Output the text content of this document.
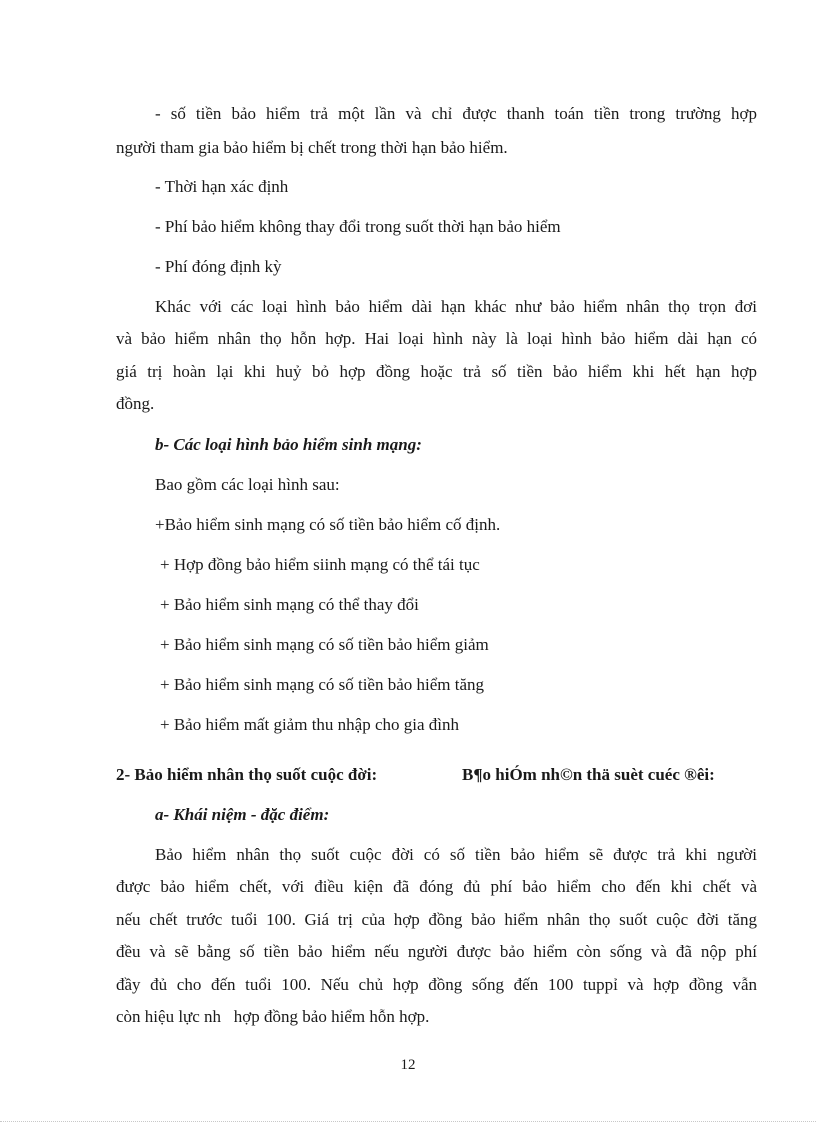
- số tiền bảo hiểm trả một lần và chỉ được thanh toán tiền trong trường hợp
người tham gia bảo hiểm bị chết trong thời hạn bảo hiểm.
- Thời hạn xác định
- Phí bảo hiểm không thay đổi trong suốt thời hạn bảo hiểm
- Phí đóng định kỳ
Khác với các loại hình bảo hiểm dài hạn khác như bảo hiểm nhân thọ trọn đơi
và bảo hiểm nhân thọ hỗn hợp. Hai loại hình này là loại hình bảo hiểm dài hạn có
giá trị hoàn lại khi huỷ bỏ hợp đồng hoặc trả số tiền bảo hiểm khi hết hạn hợp
đồng.
b- Các loại hình bảo hiểm sinh mạng:
Bao gồm các loại hình sau:
+Bảo hiểm sinh mạng có số tiền bảo hiểm cố định.
+ Hợp đồng bảo hiểm siinh mạng có thể tái tục
+ Bảo hiểm sinh mạng có thể thay đổi
+ Bảo hiểm sinh mạng có số tiền bảo hiểm giảm
+ Bảo hiểm sinh mạng có số tiền bảo hiểm tăng
+ Bảo hiểm mất giảm thu nhập cho gia đình
2- Bảo hiểm nhân thọ suốt cuộc đời:	B¶o hiÓm nh©n thä suèt cuéc ®êi:
a- Khái niệm - đặc điểm:
Bảo hiểm nhân thọ suốt cuộc đời có số tiền bảo hiểm sẽ được trả khi người
được bảo hiểm chết, với điều kiện đã đóng đủ phí bảo hiểm cho đến khi chết và
nếu chết trước tuổi 100. Giá trị của hợp đồng bảo hiểm nhân thọ suốt cuộc đời tăng
đều và sẽ bằng số tiền bảo hiểm nếu người được bảo hiểm còn sống và đã nộp phí
đầy đủ cho đến tuổi 100. Nếu chủ hợp đồng sống đến 100 tuppỉ và hợp đồng vẫn
còn hiệu lực nh   hợp đồng bảo hiểm hỗn hợp.
12
